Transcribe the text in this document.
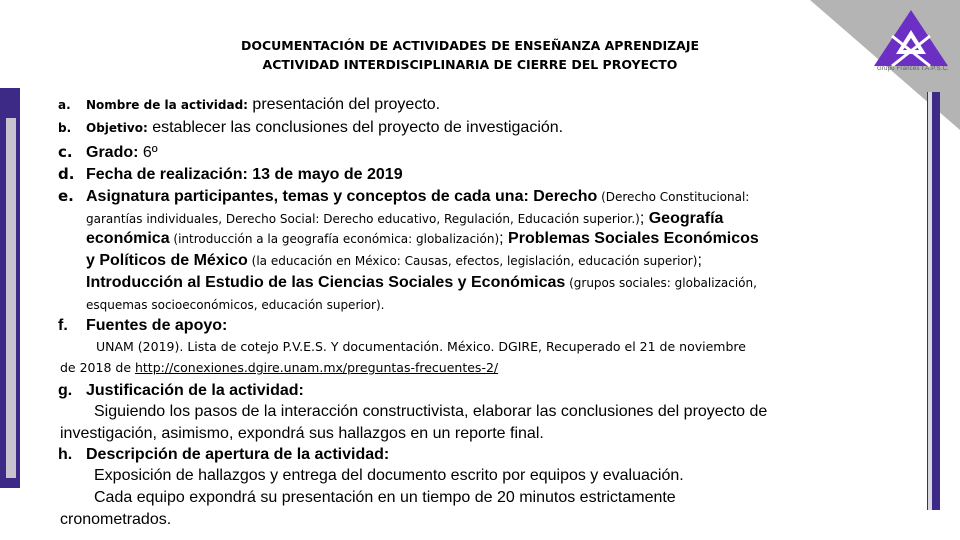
Grupo Francés I.A.P.S.C.
DOCUMENTACIÓN DE ACTIVIDADES DE ENSEÑANZA APRENDIZAJE
ACTIVIDAD INTERDISCIPLINARIA DE CIERRE DEL PROYECTO
a. Nombre de la actividad: presentación del proyecto.
b. Objetivo: establecer las conclusiones del proyecto de investigación.
c. Grado: 6º
d. Fecha de realización: 13 de mayo de 2019
e. Asignatura participantes, temas y conceptos de cada una: Derecho (Derecho Constitucional:
garantías individuales, Derecho Social: Derecho educativo, Regulación, Educación superior.); Geografía
económica (introducción a la geografía económica: globalización); Problemas Sociales Económicos
y Políticos de México (la educación en México: Causas, efectos, legislación, educación superior);
Introducción al Estudio de las Ciencias Sociales y Económicas (grupos sociales: globalización,
esquemas socioeconómicos, educación superior).
f. Fuentes de apoyo:
UNAM (2019). Lista de cotejo P.V.E.S. Y documentación. México. DGIRE, Recuperado el 21 de noviembre
de 2018 de http://conexiones.dgire.unam.mx/preguntas-frecuentes-2/
g. Justificación de la actividad:
Siguiendo los pasos de la interacción constructivista, elaborar las conclusiones del proyecto de
investigación, asimismo, expondrá sus hallazgos en un reporte final.
h. Descripción de apertura de la actividad:
Exposición de hallazgos y entrega del documento escrito por equipos y evaluación.
Cada equipo expondrá su presentación en un tiempo de 20 minutos estrictamente
cronometrados.
